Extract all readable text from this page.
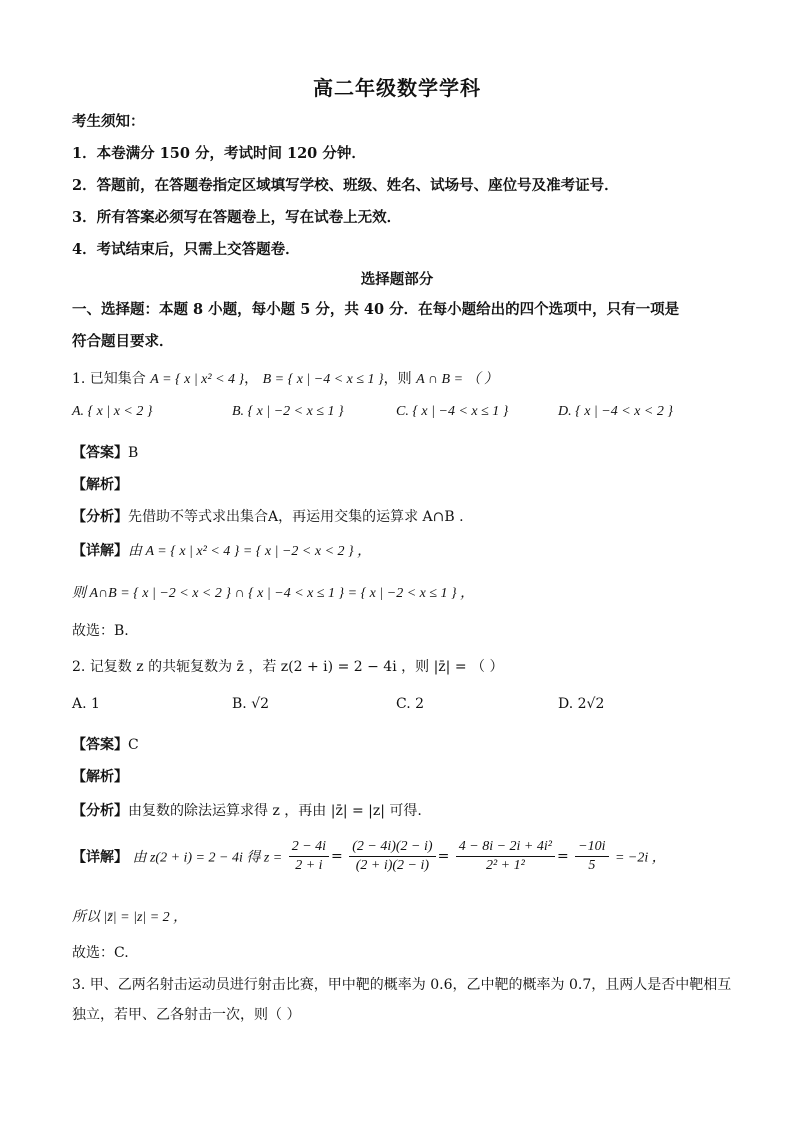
高二年级数学学科
考生须知：
1．本卷满分 150 分，考试时间 120 分钟．
2．答题前，在答题卷指定区域填写学校、班级、姓名、试场号、座位号及准考证号．
3．所有答案必须写在答题卷上，写在试卷上无效．
4．考试结束后，只需上交答题卷．
选择题部分
一、选择题：本题 8 小题，每小题 5 分，共 40 分．在每小题给出的四个选项中，只有一项是
符合题目要求．
1. 已知集合 A = { x | x² < 4 }， B = { x | −4 < x ≤ 1 }，则 A ∩ B = （ ）
A. { x | x < 2 }	B. { x | −2 < x ≤ 1 }	C. { x | −4 < x ≤ 1 }	D. { x | −4 < x < 2 }
【答案】B
【解析】
【分析】先借助不等式求出集合A，再运用交集的运算求 A∩B .
【详解】由 A = { x | x² < 4 } = { x | −2 < x < 2 } ，
则 A∩B = { x | −2 < x < 2 } ∩ { x | −4 < x ≤ 1 } = { x | −2 < x ≤ 1 } ，
故选：B.
2. 记复数 z 的共轭复数为 z̄ ，若 z(2 + i) = 2 − 4i ，则 |z̄| = （ ）
A. 1	B. √2	C. 2	D. 2√2
【答案】C
【解析】
【分析】由复数的除法运算求得 z ，再由 |z̄| = |z| 可得.
【详解】 由 z(2 + i) = 2 − 4i 得 $z = \frac{2 - 4i}{2 + i} = \frac{(2 - 4i)(2 - i)}{(2 + i)(2 - i)} = \frac{\text{4 − 8i − 2i + 4i²}}{\text{2² + 1²}} = \frac{-10i}{5} = -2i$ ，
所以 |z̄| = |z| = 2 ，
故选：C.
3. 甲、乙两名射击运动员进行射击比赛，甲中靶的概率为 0.6，乙中靶的概率为 0.7，且两人是否中靶相互
独立，若甲、乙各射击一次，则（ ）
